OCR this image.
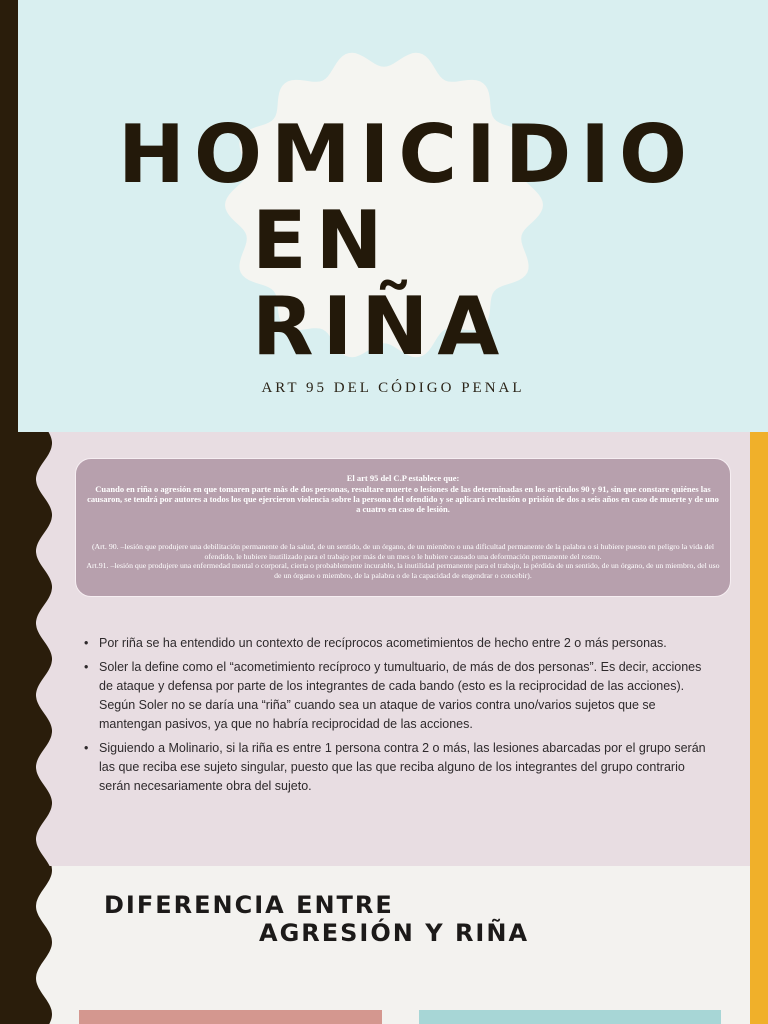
HOMICIDIO
EN RIÑA
ART 95 DEL CÓDIGO PENAL
El art 95 del C.P establece que:
Cuando en riña o agresión en que tomaren parte más de dos personas, resultare muerte o lesiones de las determinadas en los artículos 90 y 91, sin que constare quiénes las causaron, se tendrá por autores a todos los que ejercieron violencia sobre la persona del ofendido y se aplicará reclusión o prisión de dos a seis años en caso de muerte y de uno a cuatro en caso de lesión.
(Art. 90. –lesión que produjere una debilitación permanente de la salud, de un sentido, de un órgano, de un miembro o una dificultad permanente de la palabra o si hubiere puesto en peligro la vida del ofendido, le hubiere inutilizado para el trabajo por más de un mes o le hubiere causado una deformación permanente del rostro.
Art.91. –lesión que produjere una enfermedad mental o corporal, cierta o probablemente incurable, la inutilidad permanente para el trabajo, la pérdida de un sentido, de un órgano, de un miembro, del uso de un órgano o miembro, de la palabra o de la capacidad de engendrar o concebir).
• Por riña se ha entendido un contexto de recíprocos acometimientos de hecho entre 2 o más personas.
• Soler la define como el “acometimiento recíproco y tumultuario, de más de dos personas”. Es decir, acciones de ataque y defensa por parte de los integrantes de cada bando (esto es la reciprocidad de las acciones). Según Soler no se daría una “riña” cuando sea un ataque de varios contra uno/varios sujetos que se mantengan pasivos, ya que no habría reciprocidad de las acciones.
• Siguiendo a Molinario, si la riña es entre 1 persona contra 2 o más, las lesiones abarcadas por el grupo serán las que reciba ese sujeto singular, puesto que las que reciba alguno de los integrantes del grupo contrario serán necesariamente obra del sujeto.
DIFERENCIA ENTRE
AGRESIÓN Y RIÑA
